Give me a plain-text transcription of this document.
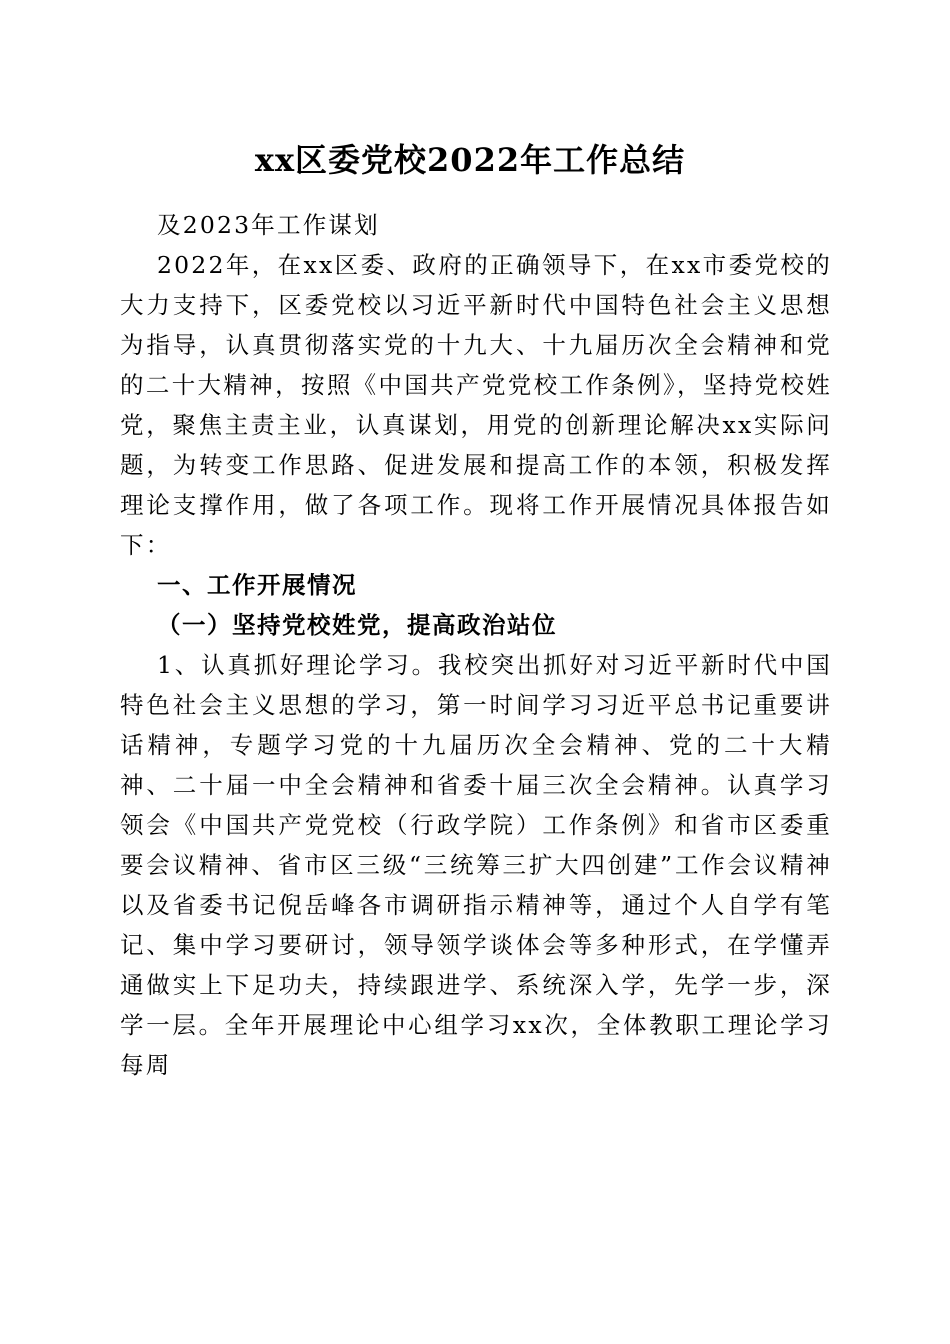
xx区委党校2022年工作总结

及2023年工作谋划

2022年，在xx区委、政府的正确领导下，在xx市委党校的大力支持下，区委党校以习近平新时代中国特色社会主义思想为指导，认真贯彻落实党的十九大、十九届历次全会精神和党的二十大精神，按照《中国共产党党校工作条例》，坚持党校姓党，聚焦主责主业，认真谋划，用党的创新理论解决xx实际问题，为转变工作思路、促进发展和提高工作的本领，积极发挥理论支撑作用，做了各项工作。现将工作开展情况具体报告如下：

一、工作开展情况

（一）坚持党校姓党，提高政治站位

1、认真抓好理论学习。我校突出抓好对习近平新时代中国特色社会主义思想的学习，第一时间学习习近平总书记重要讲话精神，专题学习党的十九届历次全会精神、党的二十大精神、二十届一中全会精神和省委十届三次全会精神。认真学习领会《中国共产党党校（行政学院）工作条例》和省市区委重要会议精神、省市区三级“三统筹三扩大四创建”工作会议精神以及省委书记倪岳峰各市调研指示精神等，通过个人自学有笔记、集中学习要研讨，领导领学谈体会等多种形式，在学懂弄通做实上下足功夫，持续跟进学、系统深入学，先学一步，深学一层。全年开展理论中心组学习xx次，全体教职工理论学习每周
